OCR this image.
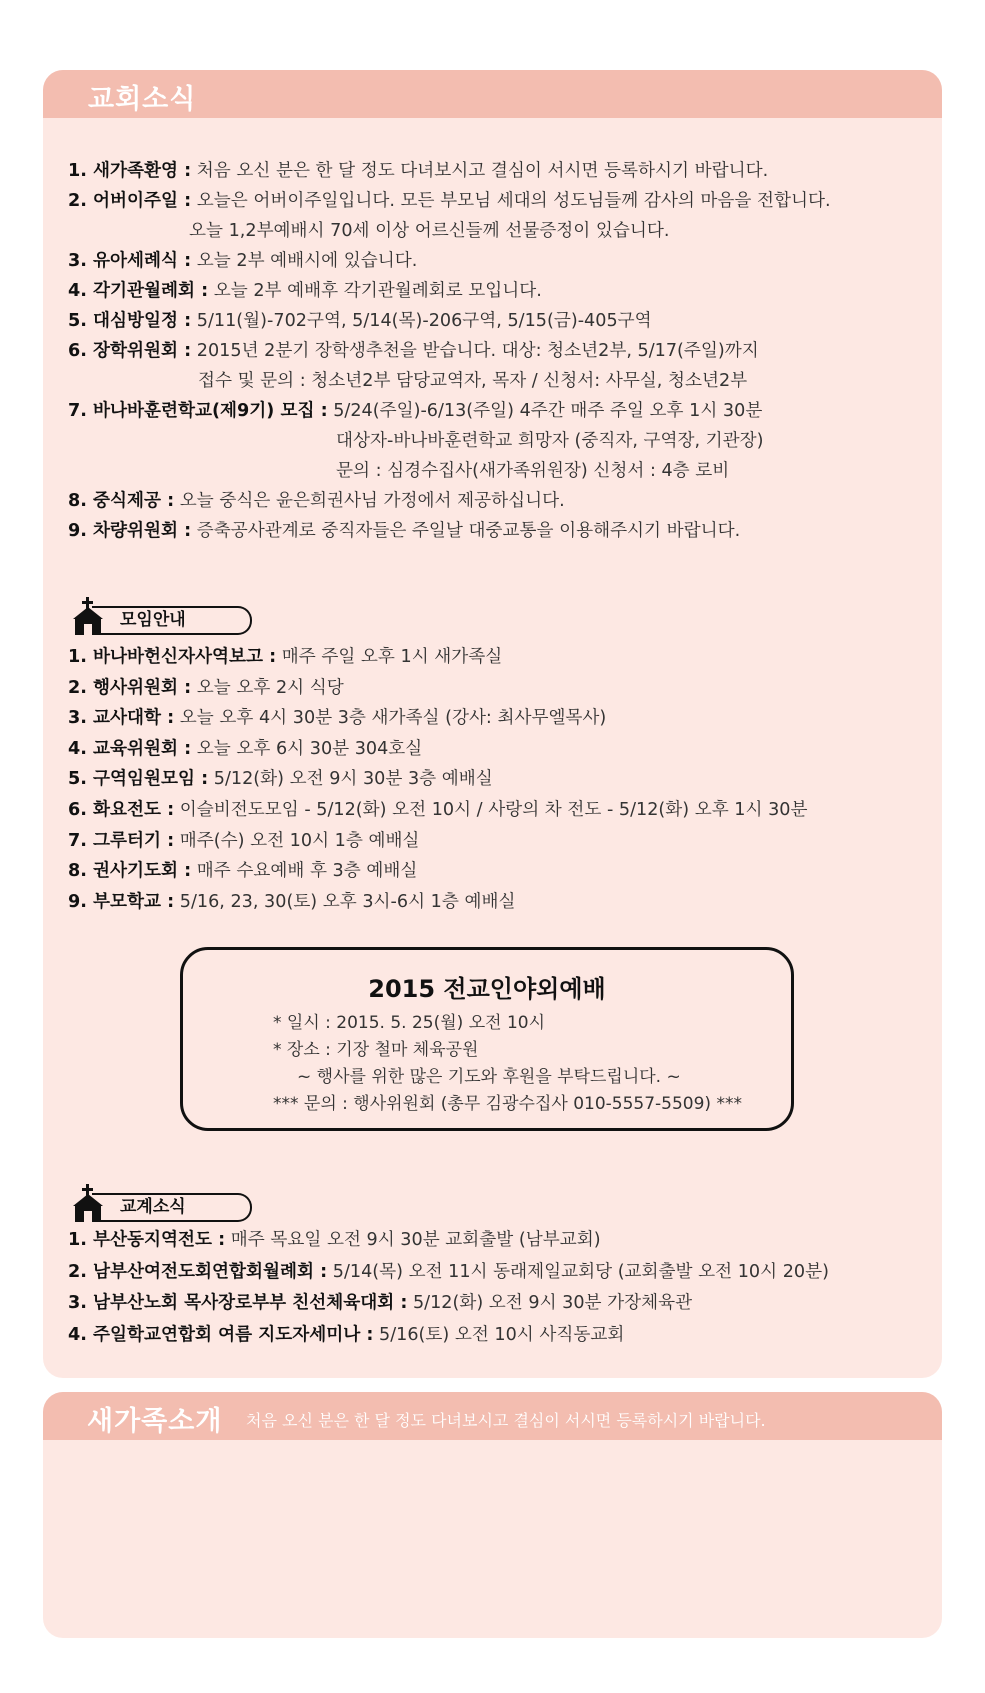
교회소식
1. 새가족환영 : 처음 오신 분은 한 달 정도 다녀보시고 결심이 서시면 등록하시기 바랍니다.
2. 어버이주일 : 오늘은 어버이주일입니다. 모든 부모님 세대의 성도님들께 감사의 마음을 전합니다.
오늘 1,2부예배시 70세 이상 어르신들께 선물증정이 있습니다.
3. 유아세례식 : 오늘 2부 예배시에 있습니다.
4. 각기관월례회 : 오늘 2부 예배후 각기관월례회로 모입니다.
5. 대심방일정 : 5/11(월)-702구역, 5/14(목)-206구역, 5/15(금)-405구역
6. 장학위원회 : 2015년 2분기 장학생추천을 받습니다. 대상: 청소년2부, 5/17(주일)까지
접수 및 문의 : 청소년2부 담당교역자, 목자 / 신청서: 사무실, 청소년2부
7. 바나바훈련학교(제9기) 모집 : 5/24(주일)-6/13(주일) 4주간 매주 주일 오후 1시 30분
대상자-바나바훈련학교 희망자 (중직자, 구역장, 기관장)
문의 : 심경수집사(새가족위원장) 신청서 : 4층 로비
8. 중식제공 : 오늘 중식은 윤은희권사님 가정에서 제공하십니다.
9. 차량위원회 : 증축공사관계로 중직자들은 주일날 대중교통을 이용해주시기 바랍니다.
모임안내
1. 바나바헌신자사역보고 : 매주 주일 오후 1시 새가족실
2. 행사위원회 : 오늘 오후 2시 식당
3. 교사대학 : 오늘 오후 4시 30분 3층 새가족실 (강사: 최사무엘목사)
4. 교육위원회 : 오늘 오후 6시 30분 304호실
5. 구역임원모임 : 5/12(화) 오전 9시 30분 3층 예배실
6. 화요전도 : 이슬비전도모임 - 5/12(화) 오전 10시 / 사랑의 차 전도 - 5/12(화) 오후 1시 30분
7. 그루터기 : 매주(수) 오전 10시 1층 예배실
8. 권사기도회 : 매주 수요예배 후 3층 예배실
9. 부모학교 : 5/16, 23, 30(토) 오후 3시-6시 1층 예배실
2015 전교인야외예배
* 일시 : 2015. 5. 25(월) 오전 10시
* 장소 : 기장 철마 체육공원
~ 행사를 위한 많은 기도와 후원을 부탁드립니다. ~
*** 문의 : 행사위원회 (총무 김광수집사 010-5557-5509) ***
교계소식
1. 부산동지역전도 : 매주 목요일 오전 9시 30분 교회출발 (남부교회)
2. 남부산여전도회연합회월례회 : 5/14(목) 오전 11시 동래제일교회당 (교회출발 오전 10시 20분)
3. 남부산노회 목사장로부부 친선체육대회 : 5/12(화) 오전 9시 30분 가장체육관
4. 주일학교연합회 여름 지도자세미나 : 5/16(토) 오전 10시 사직동교회
새가족소개 처음 오신 분은 한 달 정도 다녀보시고 결심이 서시면 등록하시기 바랍니다.
